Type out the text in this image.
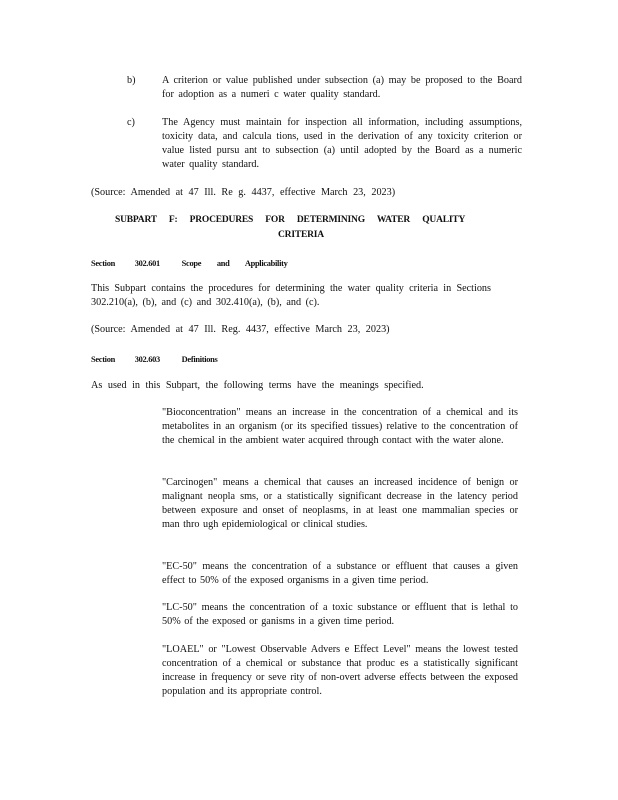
b)	A criterion or value published under subsection (a) may be proposed to the Board for adoption as a numeri c water quality standard.
c)	The Agency must maintain for inspection all information, including assumptions, toxicity data, and calcula tions, used in the derivation of any toxicity criterion or value listed pursu ant to subsection (a) until adopted by the Board as a numeric water quality standard.
(Source: Amended at 47 Ill. Re g. 4437, effective March 23, 2023)
SUBPART F: PROCEDURES FOR DETERMINING WATER QUALITY
CRITERIA
Section 302.601	Scope and Applicability
This Subpart contains the procedures for determining the water quality criteria in Sections 302.210(a), (b), and (c) and 302.410(a), (b), and (c).
(Source: Amended at 47 Ill. Reg. 4437, effective March 23, 2023)
Section 302.603	Definitions
As used in this Subpart, the following terms have the meanings specified.
"Bioconcentration" means an increase in the concentration of a chemical and its metabolites in an organism (or its specified tissues) relative to the concentration of the chemical in the ambient water acquired through contact with the water alone.
"Carcinogen" means a chemical that causes an increased incidence of benign or malignant neopla sms, or a statistically significant decrease in the latency period between exposure and onset of neoplasms, in at least one mammalian species or man thro ugh epidemiological or clinical studies.
"EC-50" means the concentration of a substance or effluent that causes a given effect to 50% of the exposed organisms in a given time period.
"LC-50" means the concentration of a toxic substance or effluent that is lethal to 50% of the exposed or ganisms in a given time period.
"LOAEL" or "Lowest Observable Advers e Effect Level" means the lowest tested concentration of a chemical or substance that produc es a statistically significant increase in frequency or seve rity of non-overt adverse effects between the exposed population and its appropriate control.
